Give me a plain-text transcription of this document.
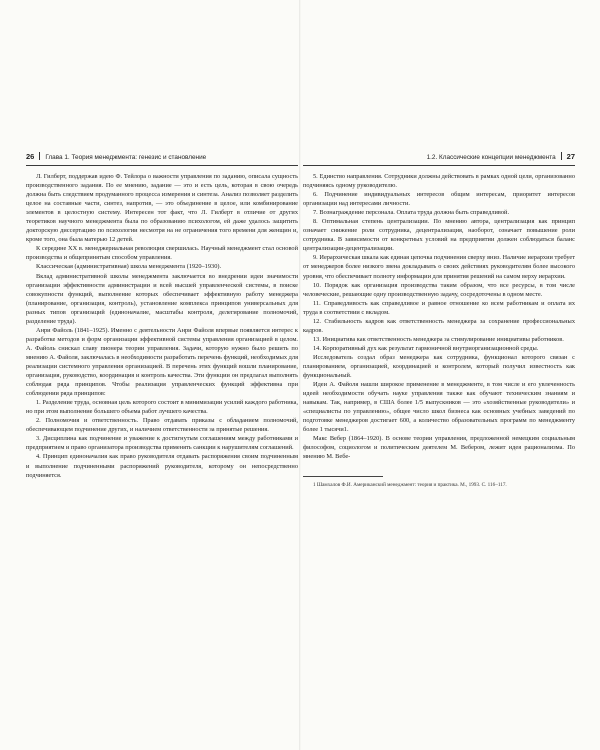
26 Глава 1. Теория менеджмента: генезис и становление

Л. Гилберт, поддержав идею Ф. Тейлора о важности управления по заданию, описала сущность производственного задания. По ее мнению, задание — это и есть цель, которая в свою очередь должна быть следствием продуманного процесса измерения и синтеза. Анализ позволяет разделить целое на составные части, синтез, напротив, — это объединение в целое, или комбинирование элементов в целостную систему. Интересен тот факт, что Л. Гилберт в отличие от других теоретиков научного менеджмента была по образованию психологом, ей даже удалось защитить докторскую диссертацию по психологии несмотря на не ограничения того времени для женщин и, кроме того, она была матерью 12 детей.

К середине XX в. менеджериальная революция свершилась. Научный менеджмент стал основой производства и общепринятым способом управления.

Классическая (административная) школа менеджмента (1920–1930).

Вклад административной школы менеджмента заключается во внедрении идеи значимости организации эффективности администрации и всей высшей управленческой системы, в поиске совокупности функций, выполнение которых обеспечивает эффективную работу менеджера (планирование, организация, контроль), установление комплекса принципов универсальных для разных типов организаций (единоначалие, масштабы контроля, делегирование полномочий, разделение труда).

Анри Файоль (1841–1925). Именно с деятельности Анри Файоля впервые появляется интерес к разработке методов и форм организации эффективной системы управления организацией в целом. А. Файоль снискал славу пионера теории управления. Задачи, которую нужно было решить по мнению А. Файоля, заключалась в необходимости разработать перечень функций, необходимых для реализации системного управления организацией. В перечень этих функций вошли планирование, организация, руководство, координация и контроль качества. Эти функции он предлагал выполнять соблюдая ряда принципов. Чтобы реализация управленческих функций эффективна при соблюдении ряда принципов:

1. Разделение труда, основная цель которого состоит в минимизации усилий каждого работника, но при этом выполнение большего объема работ лучшего качества.

2. Полномочия и ответственность. Право отдавать приказы с обладанием полномочий, обеспечивающем подчинение других, и наличием ответственности за принятые решения.

3. Дисциплина как подчинение и уважение к достигнутым соглашениям между работниками и предприятием и право организатора производства применять санкции к нарушителям соглашений.

4. Принцип единоначалия как право руководителя отдавать распоряжения своим подчиненным и выполнение подчиненными распоряжений руководителя, которому он непосредственно подчиняется.

1.2. Классические концепции менеджмента 27

5. Единство направления. Сотрудники должны действовать в рамках одной цели, организованно подчиняясь одному руководителю.

6. Подчинение индивидуальных интересов общим интересам, приоритет интересов организации над интересами личности.

7. Вознаграждение персонала. Оплата труда должна быть справедливой.

8. Оптимальная степень централизации. По мнению автора, централизация как принцип означает снижение роли сотрудника, децентрализация, наоборот, означает повышение роли сотрудника. В зависимости от конкретных условий на предприятии должен соблюдаться баланс централизации-децентрализации.

9. Иерархическая шкала как единая цепочка подчинения сверху вниз. Наличие иерархии требует от менеджеров более низкого звена докладывать о своих действиях руководителям более высокого уровня, что обеспечивает полноту информации для принятия решений на самом верху иерархии.

10. Порядок как организация производства таким образом, что все ресурсы, в том числе человеческие, решающие одну производственную задачу, сосредоточены в одном месте.

11. Справедливость как справедливое и равное отношение ко всем работникам и оплата их труда в соответствии с вкладом.

12. Стабильность кадров как ответственность менеджера за сохранение профессиональных кадров.

13. Инициатива как ответственность менеджера за стимулирование инициативы работников.

14. Корпоративный дух как результат гармоничной внутриорганизационной среды.

Исследователь создал образ менеджера как сотрудника, функционал которого связан с планированием, организацией, координацией и контролем, который получил известность как функциональный.

Идеи А. Файоля нашли широкое применение в менеджменте, в том числе и его увлеченность идеей необходимости обучать науке управления также как обучают техническим знаниям и навыкам. Так, например, в США более 1/5 выпускников — это «хозяйственные руководители» и «специалисты по управлению», общее число школ бизнеса как основных учебных заведений по подготовке менеджеров достигает 600, а количество образовательных программ по менеджменту более 1 тысячи1.

Макс Вебер (1864–1920). В основе теории управления, предложенной немецким социальным философом, социологом и политическим деятелем М. Вебером, лежит идея рационализма. По мнению М. Вебе-

1 Шамхалов Ф.И. Американский менеджмент: теория и практика. М., 1993. С. 116–117.
